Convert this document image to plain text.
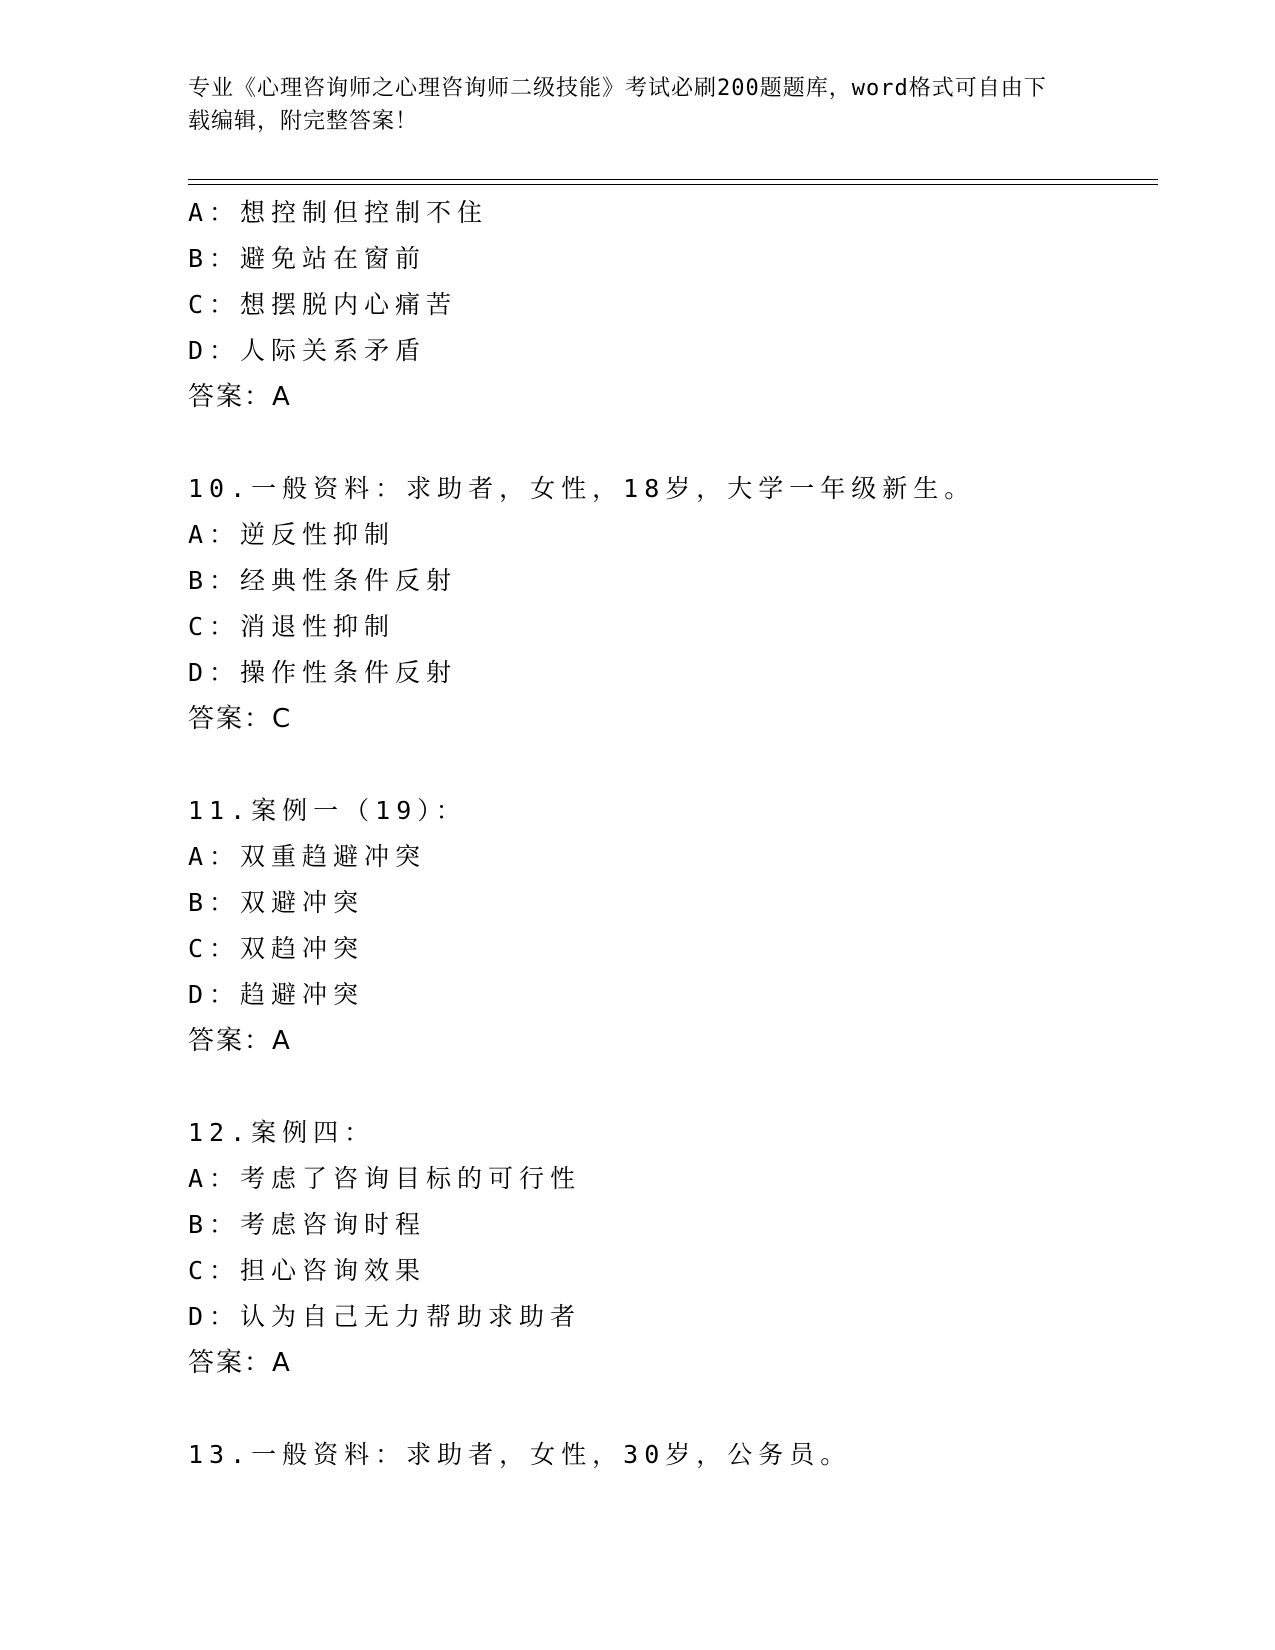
专业《心理咨询师之心理咨询师二级技能》考试必刷200题题库，word格式可自由下载编辑，附完整答案！
A：想控制但控制不住
B：避免站在窗前
C：想摆脱内心痛苦
D：人际关系矛盾
答案：A
10.一般资料：求助者，女性，18岁，大学一年级新生。
A：逆反性抑制
B：经典性条件反射
C：消退性抑制
D：操作性条件反射
答案：C
11.案例一（19）：
A：双重趋避冲突
B：双避冲突
C：双趋冲突
D：趋避冲突
答案：A
12.案例四：
A：考虑了咨询目标的可行性
B：考虑咨询时程
C：担心咨询效果
D：认为自己无力帮助求助者
答案：A
13.一般资料：求助者，女性，30岁，公务员。
